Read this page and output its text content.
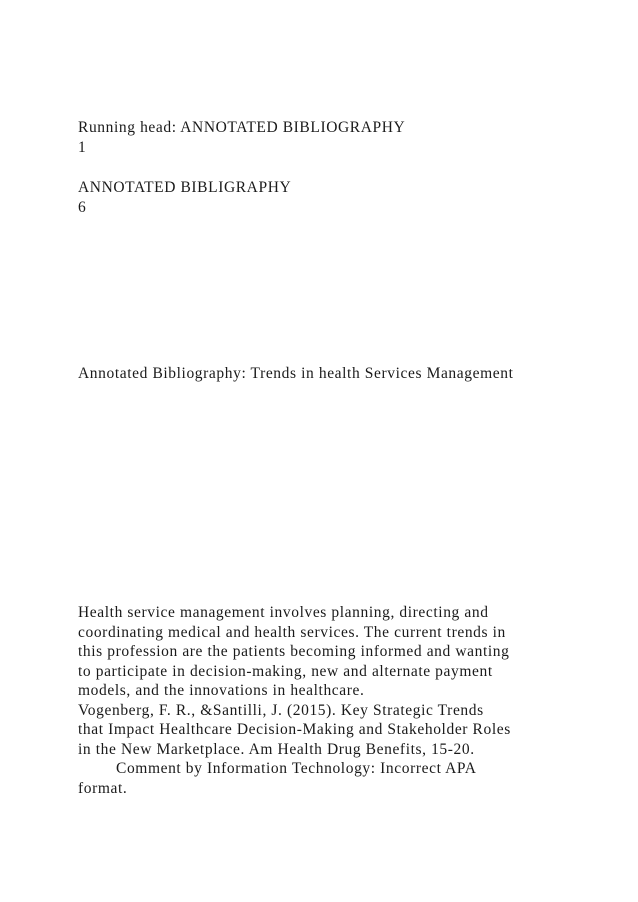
Running head: ANNOTATED BIBLIOGRAPHY
1
ANNOTATED BIBLIGRAPHY
6
Annotated Bibliography: Trends in health Services Management
Health service management involves planning, directing and
coordinating medical and health services. The current trends in
this profession are the patients becoming informed and wanting
to participate in decision-making, new and alternate payment
models, and the innovations in healthcare.
Vogenberg, F. R., &Santilli, J. (2015). Key Strategic Trends
that Impact Healthcare Decision-Making and Stakeholder Roles
in the New Marketplace. Am Health Drug Benefits, 15-20.
Comment by Information Technology: Incorrect APA
format.
